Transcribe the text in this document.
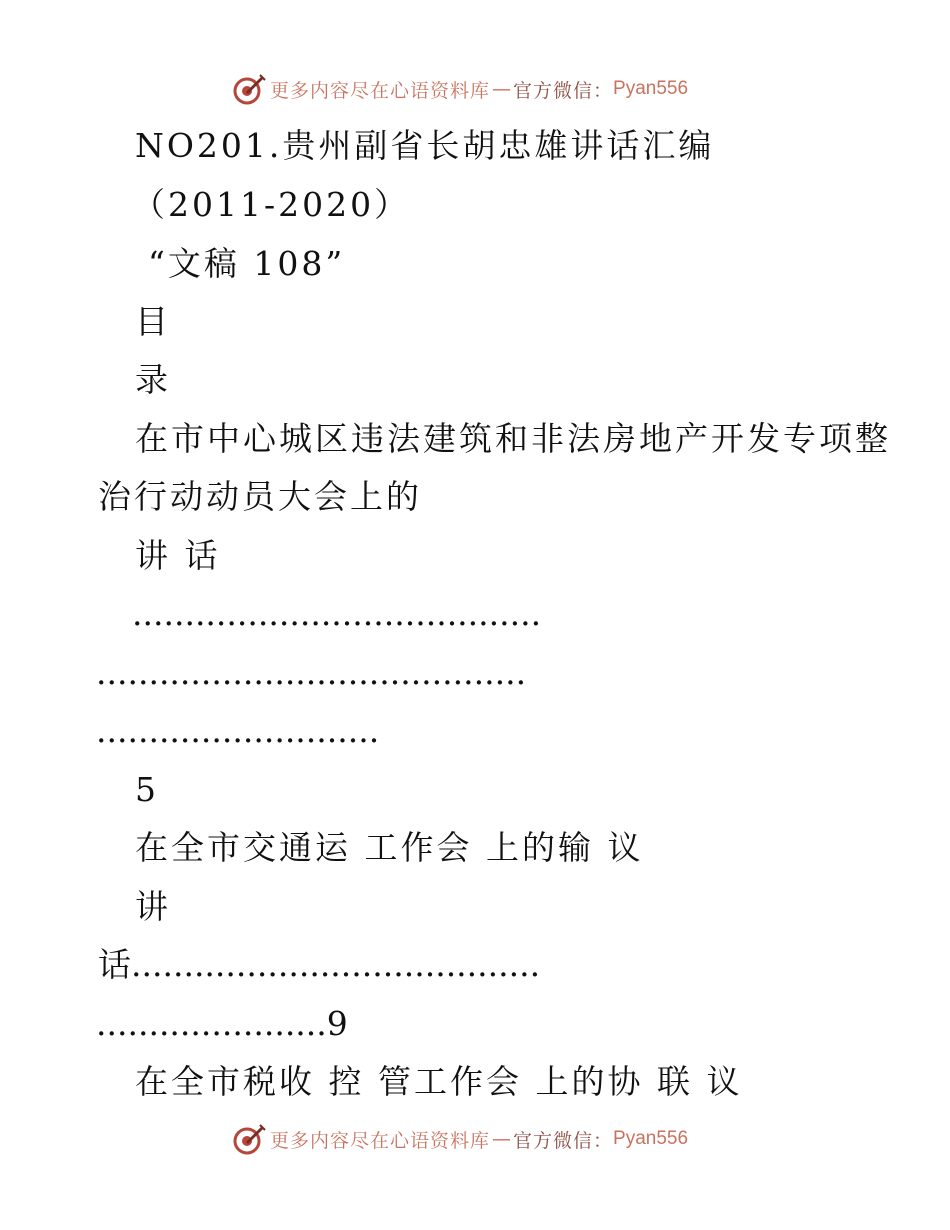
更多内容尽在心语资料库 — 官方微信： Pyan556
NO201.贵州副省长胡忠雄讲话汇编
（2011-2020）
“文稿 108”
目
录
在市中心城区违法建筑和非法房地产开发专项整
治行动动员大会上的
讲 话
.......................................
.........................................
...........................
5
在全市交通运 工作会 上的输 议
讲
话.......................................
......................9
在全市税收 控 管工作会 上的协 联 议
更多内容尽在心语资料库 — 官方微信： Pyan556
